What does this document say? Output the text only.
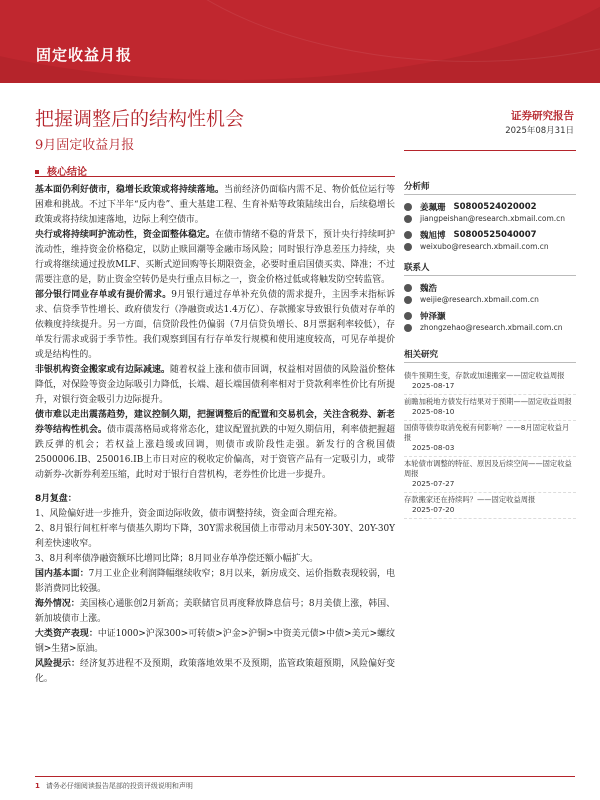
固定收益月报
把握调整后的结构性机会
9月固定收益月报
证券研究报告
2025年08月31日
核心结论

基本面仍利好债市，稳增长政策或将持续落地。当前经济仍面临内需不足、物价低位运行等困难和挑战。不过下半年“反内卷”、重大基建工程、生育补贴等政策陆续出台，后续稳增长政策或将持续加速落地，边际上利空债市。

央行或将持续呵护流动性，资金面整体稳定。在债市情绪不稳的背景下，预计央行持续呵护流动性，维持资金价格稳定，以防止赎回潮等金融市场风险；同时银行净息差压力持续，央行或将继续通过投放MLF、买断式逆回购等长期限资金，必要时重启国债买卖、降准；不过需要注意的是，防止资金空转仍是央行重点目标之一，资金价格过低或将触发防空转监管。

部分银行同业存单或有提价需求。9月银行通过存单补充负债的需求提升，主因季末指标诉求、信贷季节性增长、政府债发行（净融资或达1.4万亿）、存款搬家导致银行负债对存单的依赖度持续提升。另一方面，信贷阶段性仍偏弱（7月信贷负增长、8月票据利率较低），存单发行需求或弱于季节性。我们观察到国有行存单发行规模和使用速度较高，可见存单提价或是结构性的。

非银机构资金搬家或有边际减速。随着权益上涨和债市回调，权益相对固债的风险溢价整体降低，对保险等资金边际吸引力降低，长端、超长端国债利率相对于贷款利率性价比有所提升，对银行资金吸引力边际提升。

债市难以走出震荡趋势，建议控制久期，把握调整后的配置和交易机会，关注含税券、新老券等结构性机会。债市震荡格局或将常态化，建议配置抗跌的中短久期信用，利率债把握超跌反弹的机会；若权益上涨趋缓或回调，则债市或阶段性走强。新发行的含税国债2500006.IB、250016.IB上市日对应的税收定价偏高，对于资管产品有一定吸引力，或带动新券-次新券利差压缩，此时对于银行自营机构，老券性价比进一步提升。

8月复盘：

1、风险偏好进一步推升，资金面边际收敛，债市调整持续，资金面合理充裕。

2、8月银行间杠杆率与债基久期均下降，30Y需求税国债上市带动月末50Y-30Y、20Y-30Y利差快速收窄。

3、8月利率债净融资额环比增同比降；8月同业存单净偿还额小幅扩大。

国内基本面：7月工业企业利润降幅继续收窄；8月以来，新房成交、运价指数表现较弱，电影消费同比较强。

海外情况：美国核心通胀创2月新高；美联储官员再度释放降息信号；8月美债上涨，韩国、新加坡债市上涨。

大类资产表现：中证1000>沪深300>可转债>沪金>沪铜>中资美元债>中债>美元>螺纹钢>生猪>原油。

风险提示：经济复苏进程不及预期，政策落地效果不及预期，监管政策超预期，风险偏好变化。

分析师
姜珮珊 S0800524020002
jiangpeishan@research.xbmail.com.cn
魏旭博 S0800525040007
weixubo@research.xbmail.com.cn
联系人
魏浩
weijie@research.xbmail.com.cn
钟泽灏
zhongzehao@research.xbmail.com.cn
相关研究
债牛预期生变，存款或加速搬家——固定收益周报
2025-08-17
前瞻加税地方债发行结果对于预期——固定收益周报
2025-08-10
国债等债券取消免税有何影响？——8月固定收益月报
2025-08-03
本轮债市调整的特征、原因及后续空间——固定收益周报
2025-07-27
存款搬家还在持续吗？——固定收益周报
2025-07-20
1 请务必仔细阅读报告尾部的投资评级说明和声明
